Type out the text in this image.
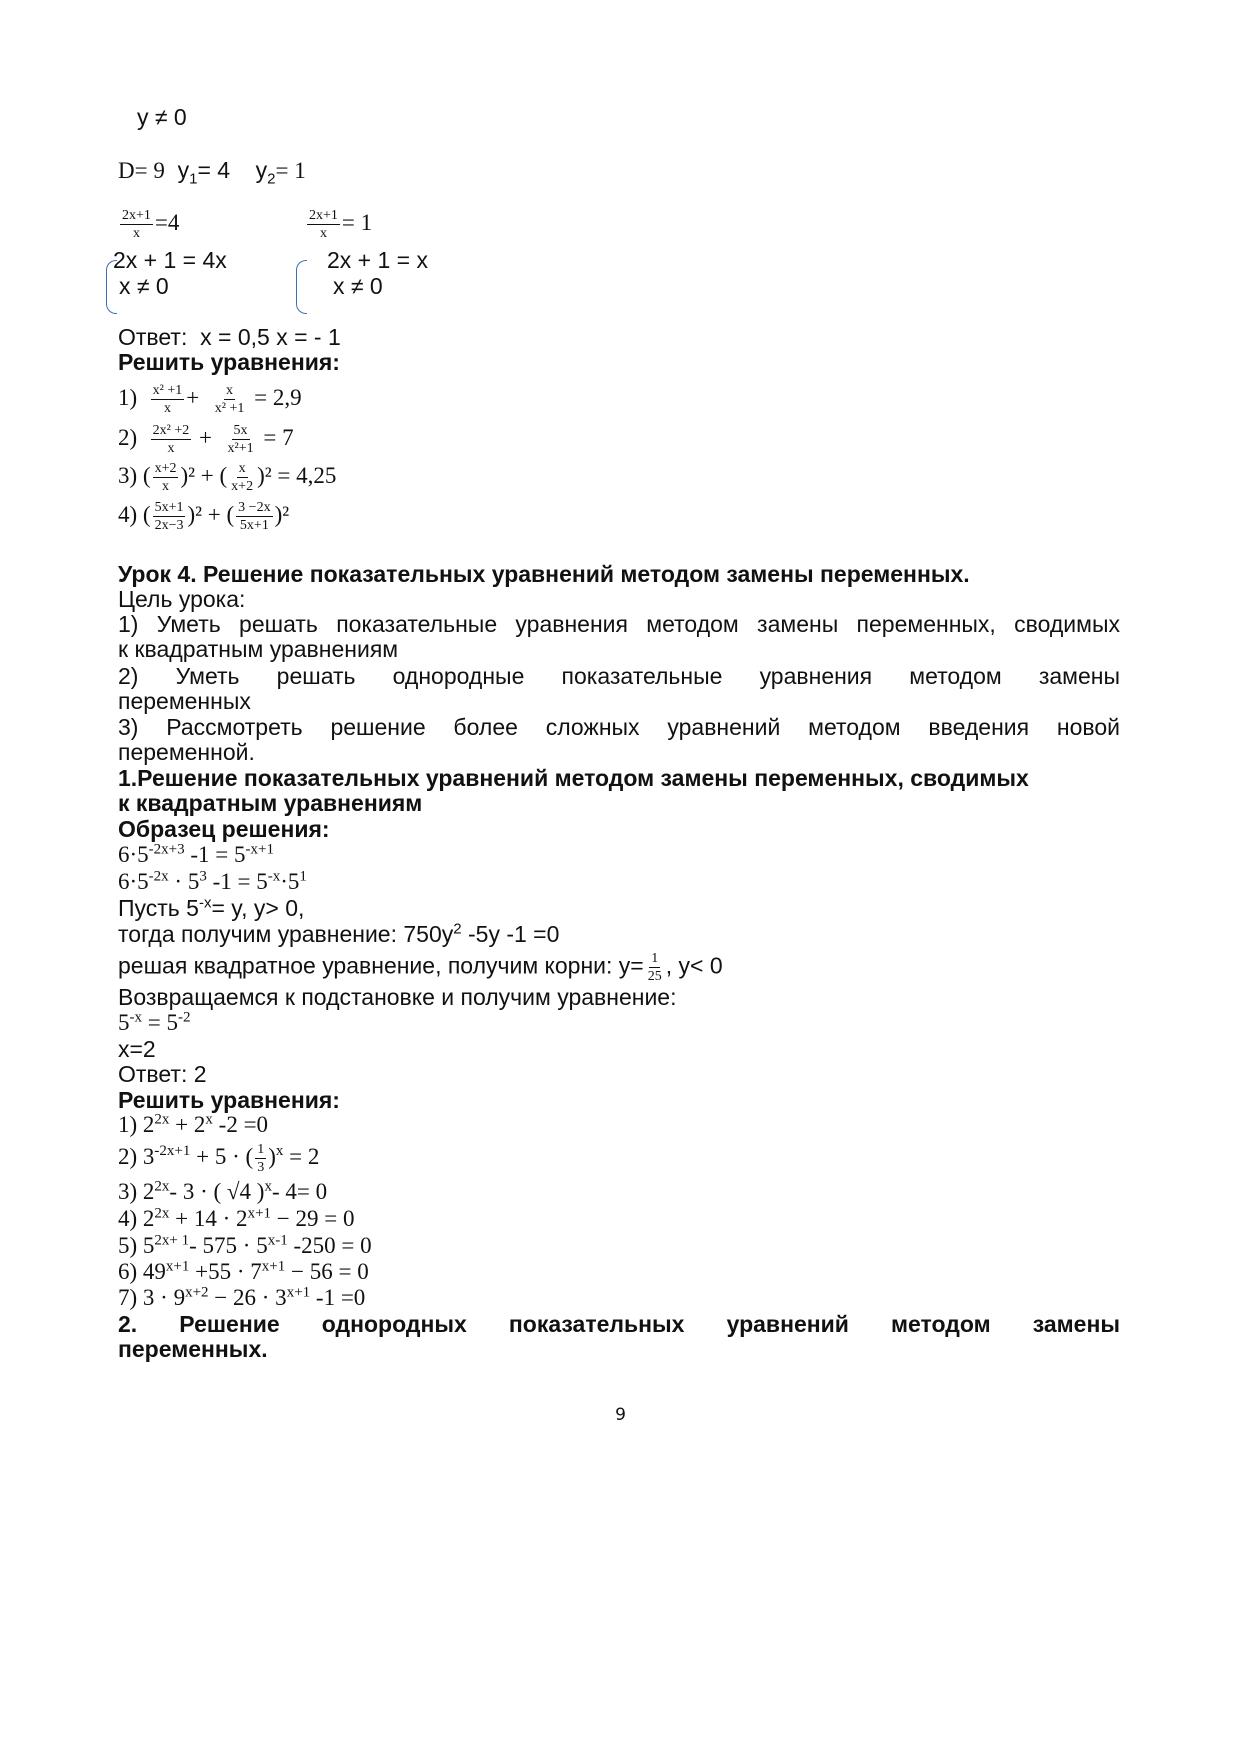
y ≠ 0
D= 9 $y_1= 4$ $y_2= 1$
$\frac{2x+1}{x} =4$
2x + 1 = 4x
x ≠ 0
$\frac{2x+1}{x} = 1$
2x + 1 = x
x ≠ 0
Ответ: x = 0,5 x = - 1
Решить уравнения:
$1) \frac{\text{x² +1}}{x} + \frac{x}{\text{x² +1}} = 2,9$
$2) \frac{\text{2x² +2}}{x} + \frac{5x}{\text{x²+1}} = 7$
3) ( $\frac{x+2}{x} )^2$ + ( $\frac{x}{x+2} )^2 = 4,25$
4) ( $\frac{5x+1}{2x-3} )^2$ + ( $\frac{3 -2x}{5x+1} )^2$
Урок 4. Решение показательных уравнений методом замены переменных.
Цель урока:
1) Уметь решать показательные уравнения методом замены переменных, сводимых
к квадратным уравнениям
2) Уметь решать однородные показательные уравнения методом замены
переменных
3) Рассмотреть решение более сложных уравнений методом введения новой
переменной.
1.Решение показательных уравнений методом замены переменных, сводимых
к квадратным уравнениям
Образец решения:
$6\cdot 5^{-2x+3}$ $-1 = 5^{-x+1}$
$6\cdot 5^{-2x} \cdot 5^3$ $-1 = 5^{-x}\cdot 5^1$
Пусть $5^{-x}= y$, y> 0,
тогда получим уравнение: $750y^2$ -5y -1 =0
решая квадратное уравнение, получим корни: $y= \frac{1}{25}$ , y< 0
Возвращаемся к подстановке и получим уравнение:
$5^{-x} = 5^{-2}$
x=2
Ответ: 2
Решить уравнения:
1) $2^{2x} + 2^x$ -2 =0
2) $3^{-2x+1} + 5$ · ( $\frac{1}{3} )^x = 2$
3) $2^{2x}-$ 3 · ( √4 )$^x$- 4= 0
4) $2^{2x} + 14 \cdot 2^{x+1} - 29 = 0$
5) $5^{2x+ 1}-$ $575 \cdot 5^{x-1}$ -250 = 0
6) $49^{x+1} +55 \cdot 7^{x+1} - 56 = 0$
7) $3 \cdot 9^{x+2} - 26 \cdot 3^{x+1}$ -1 =0
2. Решение однородных показательных уравнений методом замены
переменных.
9
